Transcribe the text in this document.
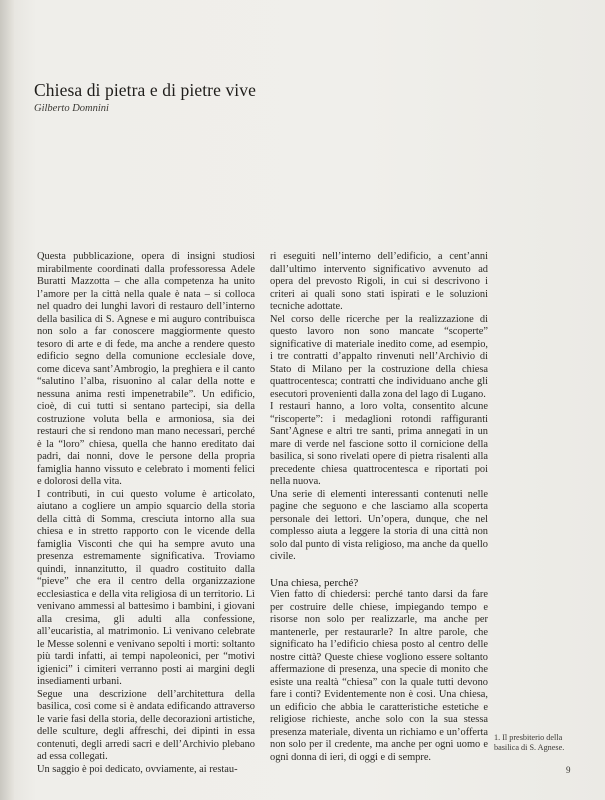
Chiesa di pietra e di pietre vive
Gilberto Domnini

Questa pubblicazione, opera di insigni studiosi mirabilmente coordinati dalla professoressa Adele Buratti Mazzotta – che alla competenza ha unito l’amore per la città nella quale è nata – si colloca nel quadro dei lunghi lavori di restauro dell’interno della basilica di S. Agnese e mi auguro contribuisca non solo a far conoscere maggiormente questo tesoro di arte e di fede, ma anche a rendere questo edificio segno della comunione ecclesiale dove, come diceva sant’Ambrogio, la preghiera e il canto “salutino l’alba, risuonino al calar della notte e nessuna anima resti impenetrabile”. Un edificio, cioè, di cui tutti si sentano partecipi, sia della costruzione voluta bella e armoniosa, sia dei restauri che si rendono man mano necessari, perché è la “loro” chiesa, quella che hanno ereditato dai padri, dai nonni, dove le persone della propria famiglia hanno vissuto e celebrato i momenti felici e dolorosi della vita.

I contributi, in cui questo volume è articolato, aiutano a cogliere un ampio squarcio della storia della città di Somma, cresciuta intorno alla sua chiesa e in stretto rapporto con le vicende della famiglia Visconti che qui ha sempre avuto una presenza estremamente significativa. Troviamo quindi, innanzitutto, il quadro costituito dalla “pieve” che era il centro della organizzazione ecclesiastica e della vita religiosa di un territorio. Lì venivano ammessi al battesimo i bambini, i giovani alla cresima, gli adulti alla confessione, all’eucaristia, al matrimonio. Lì venivano celebrate le Messe solenni e venivano sepolti i morti: soltanto più tardi infatti, ai tempi napoleonici, per “motivi igienici” i cimiteri verranno posti ai margini degli insediamenti urbani.

Segue una descrizione dell’architettura della basilica, così come si è andata edificando attraverso le varie fasi della storia, delle decorazioni artistiche, delle sculture, degli affreschi, dei dipinti in essa contenuti, degli arredi sacri e dell’Archivio plebano ad essa collegati.

Un saggio è poi dedicato, ovviamente, ai restau-

ri eseguiti nell’interno dell’edificio, a cent’anni dall’ultimo intervento significativo avvenuto ad opera del prevosto Rigoli, in cui si descrivono i criteri ai quali sono stati ispirati e le soluzioni tecniche adottate.

Nel corso delle ricerche per la realizzazione di questo lavoro non sono mancate “scoperte” significative di materiale inedito come, ad esempio, i tre contratti d’appalto rinvenuti nell’Archivio di Stato di Milano per la costruzione della chiesa quattrocentesca; contratti che individuano anche gli esecutori provenienti dalla zona del lago di Lugano.

I restauri hanno, a loro volta, consentito alcune “riscoperte”: i medaglioni rotondi raffiguranti Sant’Agnese e altri tre santi, prima annegati in un mare di verde nel fascione sotto il cornicione della basilica, si sono rivelati opere di pietra risalenti alla precedente chiesa quattrocentesca e riportati poi nella nuova.

Una serie di elementi interessanti contenuti nelle pagine che seguono e che lasciamo alla scoperta personale dei lettori. Un’opera, dunque, che nel complesso aiuta a leggere la storia di una città non solo dal punto di vista religioso, ma anche da quello civile.

Una chiesa, perché?

Vien fatto di chiedersi: perché tanto darsi da fare per costruire delle chiese, impiegando tempo e risorse non solo per realizzarle, ma anche per mantenerle, per restaurarle? In altre parole, che significato ha l’edificio chiesa posto al centro delle nostre città? Queste chiese vogliono essere soltanto affermazione di presenza, una specie di monito che esiste una realtà “chiesa” con la quale tutti devono fare i conti? Evidentemente non è così. Una chiesa, un edificio che abbia le caratteristiche estetiche e religiose richieste, anche solo con la sua stessa presenza materiale, diventa un richiamo e un’offerta non solo per il credente, ma anche per ogni uomo e ogni donna di ieri, di oggi e di sempre.

1. Il presbiterio della basilica di S. Agnese.
9
